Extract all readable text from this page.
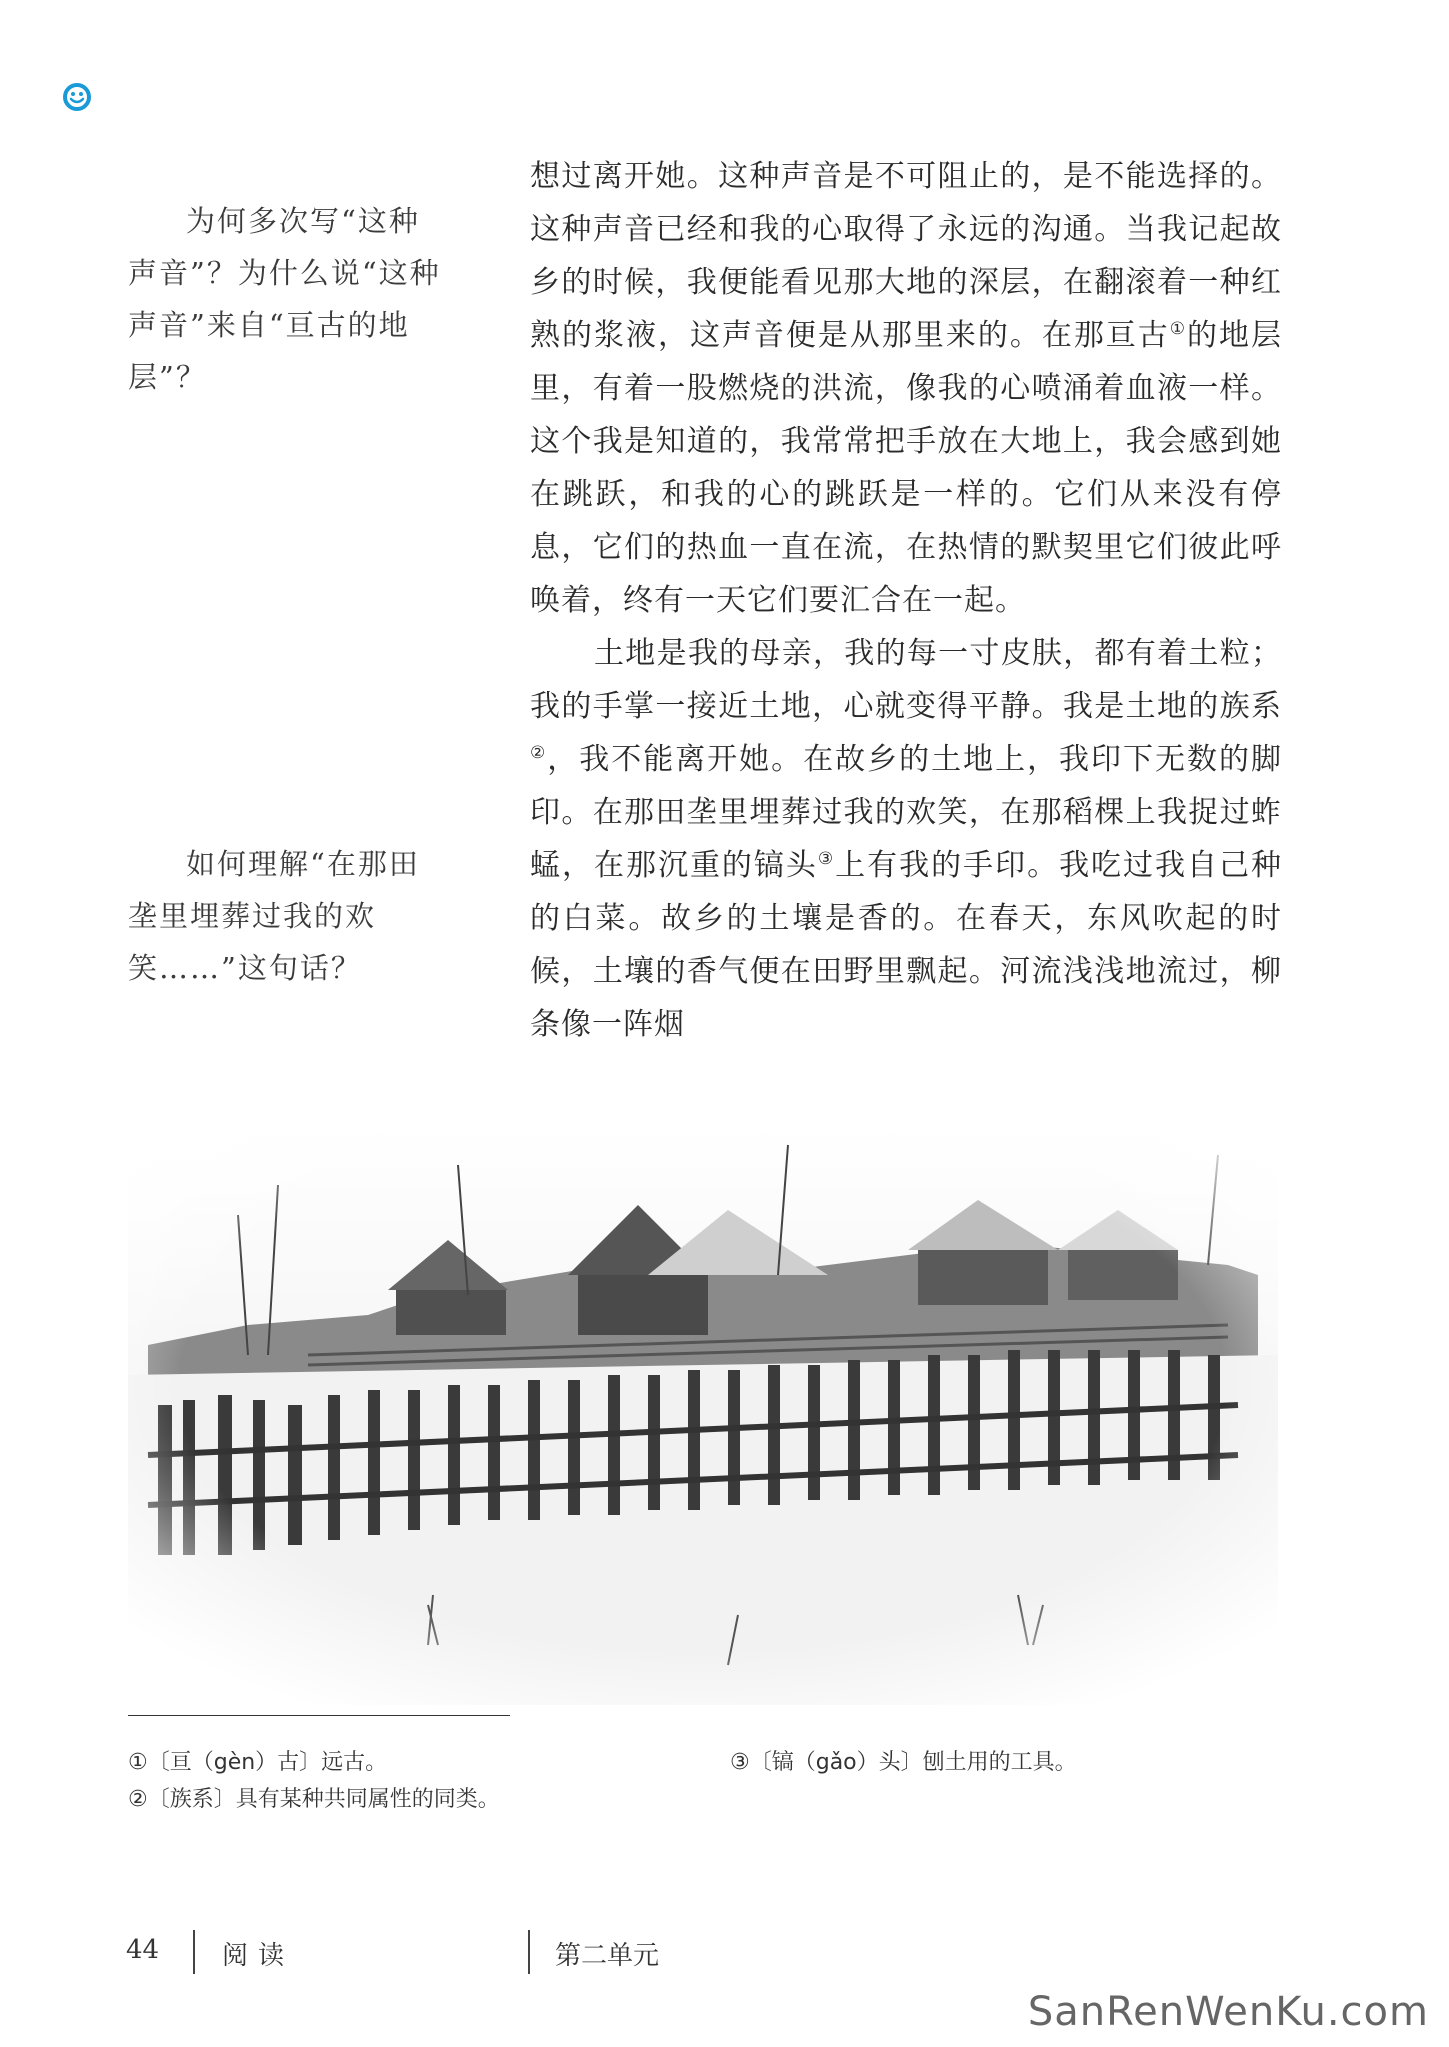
为何多次写“这种声音”？为什么说“这种声音”来自“亘古的地层”？

如何理解“在那田垄里埋葬过我的欢笑……”这句话？

想过离开她。这种声音是不可阻止的，是不能选择的。这种声音已经和我的心取得了永远的沟通。当我记起故乡的时候，我便能看见那大地的深层，在翻滚着一种红熟的浆液，这声音便是从那里来的。在那亘古①的地层里，有着一股燃烧的洪流，像我的心喷涌着血液一样。这个我是知道的，我常常把手放在大地上，我会感到她在跳跃，和我的心的跳跃是一样的。它们从来没有停息，它们的热血一直在流，在热情的默契里它们彼此呼唤着，终有一天它们要汇合在一起。

土地是我的母亲，我的每一寸皮肤，都有着土粒；我的手掌一接近土地，心就变得平静。我是土地的族系②，我不能离开她。在故乡的土地上，我印下无数的脚印。在那田垄里埋葬过我的欢笑，在那稻棵上我捉过蚱蜢，在那沉重的镐头③上有我的手印。我吃过我自己种的白菜。故乡的土壤是香的。在春天，东风吹起的时候，土壤的香气便在田野里飘起。河流浅浅地流过，柳条像一阵烟

①〔亘（gèn）古〕远古。
②〔族系〕具有某种共同属性的同类。
③〔镐（gǎo）头〕刨土用的工具。
44 阅读	第二单元
SanRenWenKu.com
